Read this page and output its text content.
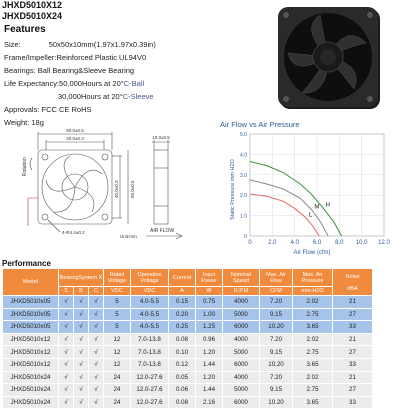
JHXD5010X12
JHXD5010X24
Features
Size:	50x50x10mm(1.97x1.97x0.39in)
Frame/Impeller:Reinforced Plastic UL94V0
Bearings: Ball Bearing&Sleeve Bearing
Life Expectancy:50,000Hours at 20°C-Ball
30,000Hours at 20°C-Sleeve
Approvals: FCC CE RoHS
Weight: 18g
50.0±0.5
40.0±0.3
40.0±0.3 50.0±0.5
10.0±0.5
Rotation
4-Φ4.4±0.2
Unit:mm
AIR FLOW
Air Flow vs Air Pressure
H
M
L
0	2.0 4.0 6.0 8.0 10.0 12.0
0
1.0
2.0
3.0
4.0
5.0
Static Pressure mm H2O
Air Flow (cfm)
Performance
Model	BearingSystem X			Rated Voltage	Operation Voltage	Current	Input Power	Nominal Speed	Max. Air Flow	Max. Air Pressure	Noise
dBA

	S	B	C	VDC	VDC	A	W	R.P.M	CFM	mm-H2O	
JHXD5010x05	√	√	√	5	4.0-5.5	0.15	0.75	4000	7.20	2.02	21
JHXD5010x05	√	√	√	5	4.0-5.5	0.20	1.00	5000	9.15	2.75	27
JHXD5010x05	√	√	√	5	4.0-5.5	0.25	1.25	6000	10.20	3.65	33
JHXD5010x12	√	√	√	12	7.0-13.8	0.08	0.96	4000	7.20	2.02	21
JHXD5010x12	√	√	√	12	7.0-13.8	0.10	1.20	5000	9.15	2.75	27
JHXD5010x12	√	√	√	12	7.0-13.8	0.12	1.44	6000	10.20	3.65	33
JHXD5010x24	√	√	√	24	12.0-27.6	0.05	1.20	4000	7.20	2.02	21
JHXD5010x24	√	√	√	24	12.0-27.6	0.06	1.44	5000	9.15	2.75	27
JHXD5010x24	√	√	√	24	12.0-27.6	0.08	2.16	6000	10.20	3.65	33
